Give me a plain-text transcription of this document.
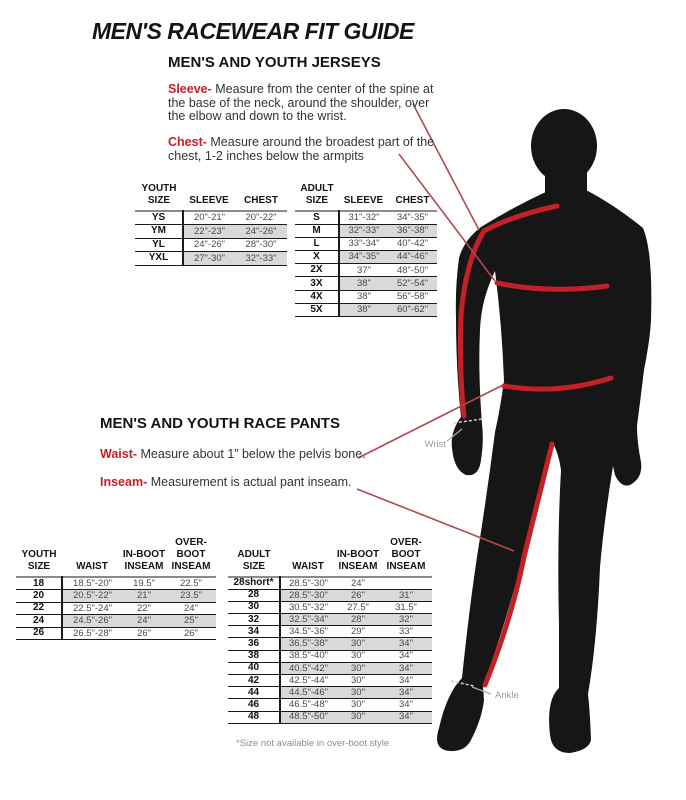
Wrist
Ankle
MEN'S RACEWEAR FIT GUIDE
MEN'S AND YOUTH JERSEYS

Sleeve- Measure from the center of the spine at the base of the neck, around the shoulder, over the elbow and down to the wrist.

Chest- Measure around the broadest part of the chest, 1-2 inches below the armpits

YOUTH
SIZE	SLEEVE	CHEST

YS	20"-21"	20"-22"
YM	22"-23"	24"-26"
YL	24"-26"	28"-30"
YXL	27"-30"	32"-33"
ADULT
SIZE	SLEEVE	CHEST

S	31"-32"	34"-35"
M	32"-33"	36"-38"
L	33"-34"	40"-42"
X	34"-35"	44"-46"
2X	37"	48"-50"
3X	38"	52"-54"
4X	38"	56"-58"
5X	38"	60"-62"
MEN'S AND YOUTH RACE PANTS

Waist- Measure about 1” below the pelvis bone.

Inseam- Measurement is actual pant inseam.

YOUTH
SIZE	WAIST

IN-BOOT
INSEAM

OVER-BOOT
INSEAM

18	18.5"-20"	19.5"	22.5"
20	20.5"-22"	21"	23.5"
22	22.5"-24"	22"	24"
24	24.5"-26"	24"	25"
26	26.5"-28"	26"	26"
ADULT
SIZE	WAIST

IN-BOOT
INSEAM

OVER-BOOT
INSEAM

28short*	28.5"-30"	24"	
28	28.5"-30"	26"	31"
30	30.5"-32"	27.5"	31.5"
32	32.5"-34"	28"	32"
34	34.5"-36"	29"	33"
36	36.5"-38"	30"	34"
38	38.5"-40"	30"	34"
40	40.5"-42"	30"	34"
42	42.5"-44"	30"	34"
44	44.5"-46"	30"	34"
46	46.5"-48"	30"	34"
48	48.5"-50"	30"	34"
*Size not available in over-boot style
